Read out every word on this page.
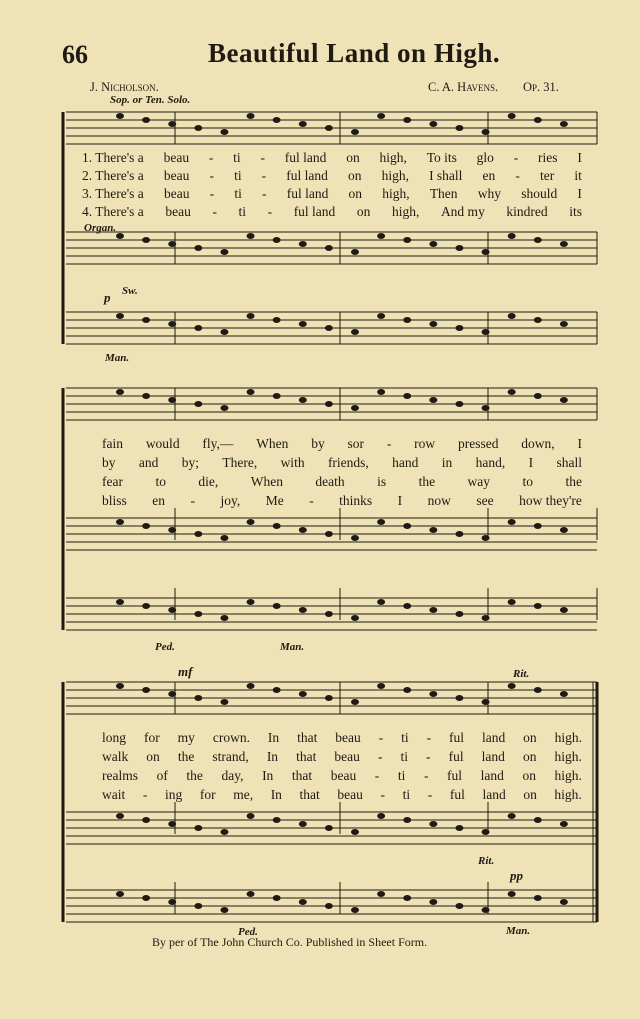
66	Beautiful Land on High.
J. Nicholson.	C. A. Havens. Op. 31.
Sop. or Ten. Solo.
Organ.
p Sw.
Man.
Ped.	Man.
mf	Rit.
Rit.
pp
Ped.	Man.
1. There's a beau - ti - ful land on high, To its glo - ries I
2. There's a beau - ti - ful land on high, I shall en - ter it
3. There's a beau - ti - ful land on high, Then why should I
4. There's a beau - ti - ful land on high, And my kindred its
fain would fly,— When by sor - row pressed down, I
by and by; There, with friends, hand in hand, I shall
fear to die, When death is the way to the
bliss en - joy, Me - thinks I now see how they're
long for my crown. In that beau - ti - ful land on high.
walk on the strand, In that beau - ti - ful land on high.
realms of the day, In that beau - ti - ful land on high.
wait - ing for me, In that beau - ti - ful land on high.
By per of The John Church Co. Published in Sheet Form.
